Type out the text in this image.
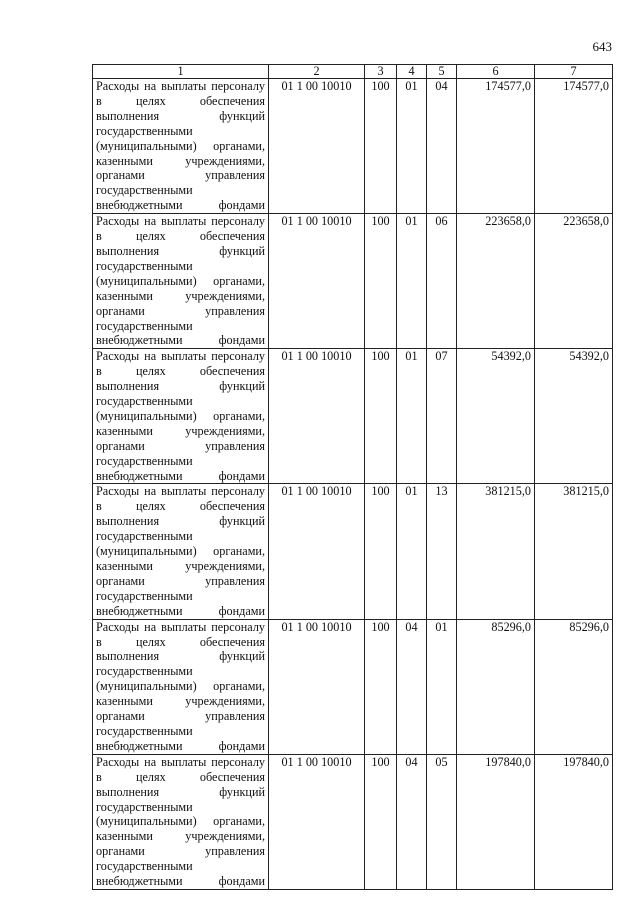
643
1	2	3	4	5	6	7
Расходы на выплаты персоналу в целях обеспечения выполнения функций государственными (муниципальными) органами, казенными учреждениями, органами управления государственными внебюджетными фондами	01 1 00 10010	100	01	04	174577,0	174577,0
Расходы на выплаты персоналу в целях обеспечения выполнения функций государственными (муниципальными) органами, казенными учреждениями, органами управления государственными внебюджетными фондами	01 1 00 10010	100	01	06	223658,0	223658,0
Расходы на выплаты персоналу в целях обеспечения выполнения функций государственными (муниципальными) органами, казенными учреждениями, органами управления государственными внебюджетными фондами	01 1 00 10010	100	01	07	54392,0	54392,0
Расходы на выплаты персоналу в целях обеспечения выполнения функций государственными (муниципальными) органами, казенными учреждениями, органами управления государственными внебюджетными фондами	01 1 00 10010	100	01	13	381215,0	381215,0
Расходы на выплаты персоналу в целях обеспечения выполнения функций государственными (муниципальными) органами, казенными учреждениями, органами управления государственными внебюджетными фондами	01 1 00 10010	100	04	01	85296,0	85296,0
Расходы на выплаты персоналу в целях обеспечения выполнения функций государственными (муниципальными) органами, казенными учреждениями, органами управления государственными внебюджетными фондами	01 1 00 10010	100	04	05	197840,0	197840,0
